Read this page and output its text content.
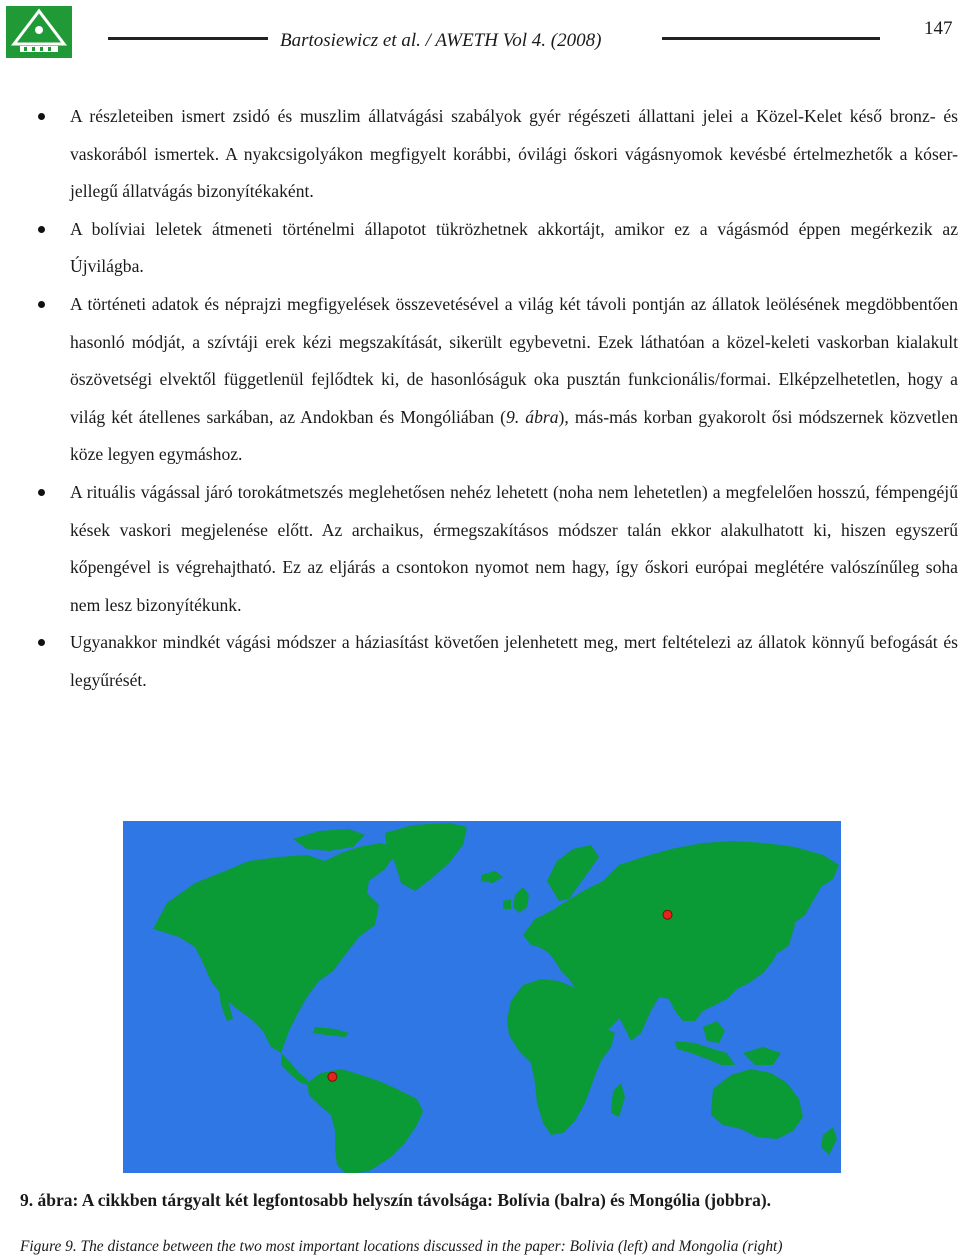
Bartosiewicz et al. / AWETH Vol 4. (2008)
147

A részleteiben ismert zsidó és muszlim állatvágási szabályok gyér régészeti állattani jelei a Közel-Kelet késő bronz- és vaskorából ismertek. A nyakcsigolyákon megfigyelt korábbi, óvilági őskori vágásnyomok kevésbé értelmezhetők a kóser-jellegű állatvágás bizonyítékaként.

A bolíviai leletek átmeneti történelmi állapotot tükrözhetnek akkortájt, amikor ez a vágásmód éppen megérkezik az Újvilágba.

A történeti adatok és néprajzi megfigyelések összevetésével a világ két távoli pontján az állatok leölésének megdöbbentően hasonló módját, a szívtáji erek kézi megszakítását, sikerült egybevetni. Ezek láthatóan a közel-keleti vaskorban kialakult öszövetségi elvektől függetlenül fejlődtek ki, de hasonlóságuk oka pusztán funkcionális/formai. Elképzelhetetlen, hogy a világ két átellenes sarkában, az Andokban és Mongóliában (9. ábra), más-más korban gyakorolt ősi módszernek közvetlen köze legyen egymáshoz.

A rituális vágással járó torokátmetszés meglehetősen nehéz lehetett (noha nem lehetetlen) a megfelelően hosszú, fémpengéjű kések vaskori megjelenése előtt. Az archaikus, érmegszakításos módszer talán ekkor alakulhatott ki, hiszen egyszerű kőpengével is végrehajtható. Ez az eljárás a csontokon nyomot nem hagy, így őskori európai meglétére valószínűleg soha nem lesz bizonyítékunk.

Ugyanakkor mindkét vágási módszer a háziasítást követően jelenhetett meg, mert feltételezi az állatok könnyű befogását és legyűrését.

9. ábra: A cikkben tárgyalt két legfontosabb helyszín távolsága: Bolívia (balra) és Mongólia (jobbra).
Figure 9. The distance between the two most important locations discussed in the paper: Bolivia (left) and Mongolia (right)
